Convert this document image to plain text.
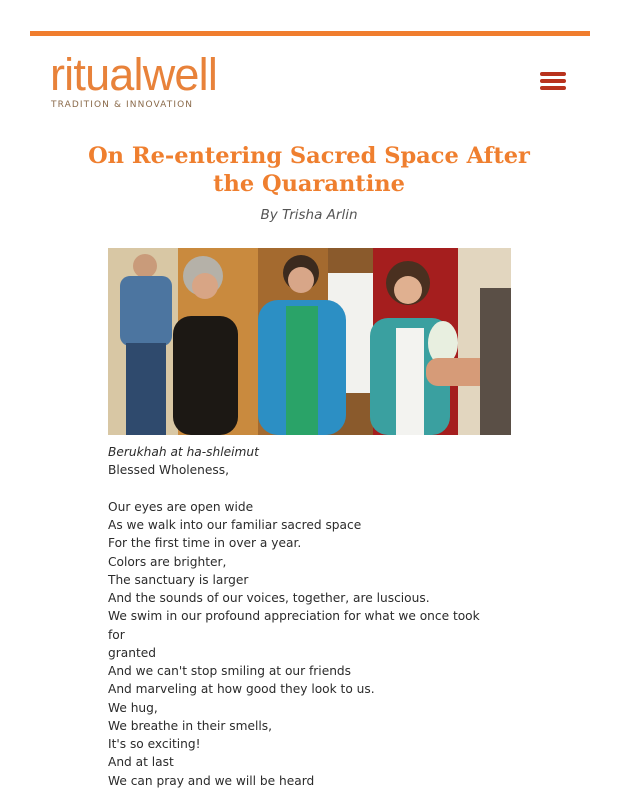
ritualwell
TRADITION & INNOVATION
On Re-entering Sacred Space After
the Quarantine
By Trisha Arlin
Berukhah at ha-shleimut
Blessed Wholeness,
Our eyes are open wide
As we walk into our familiar sacred space
For the first time in over a year.
Colors are brighter,
The sanctuary is larger
And the sounds of our voices, together, are luscious.
We swim in our profound appreciation for what we once took for
granted
And we can't stop smiling at our friends
And marveling at how good they look to us.
We hug,
We breathe in their smells,
It's so exciting!
And at last
We can pray and we will be heard
